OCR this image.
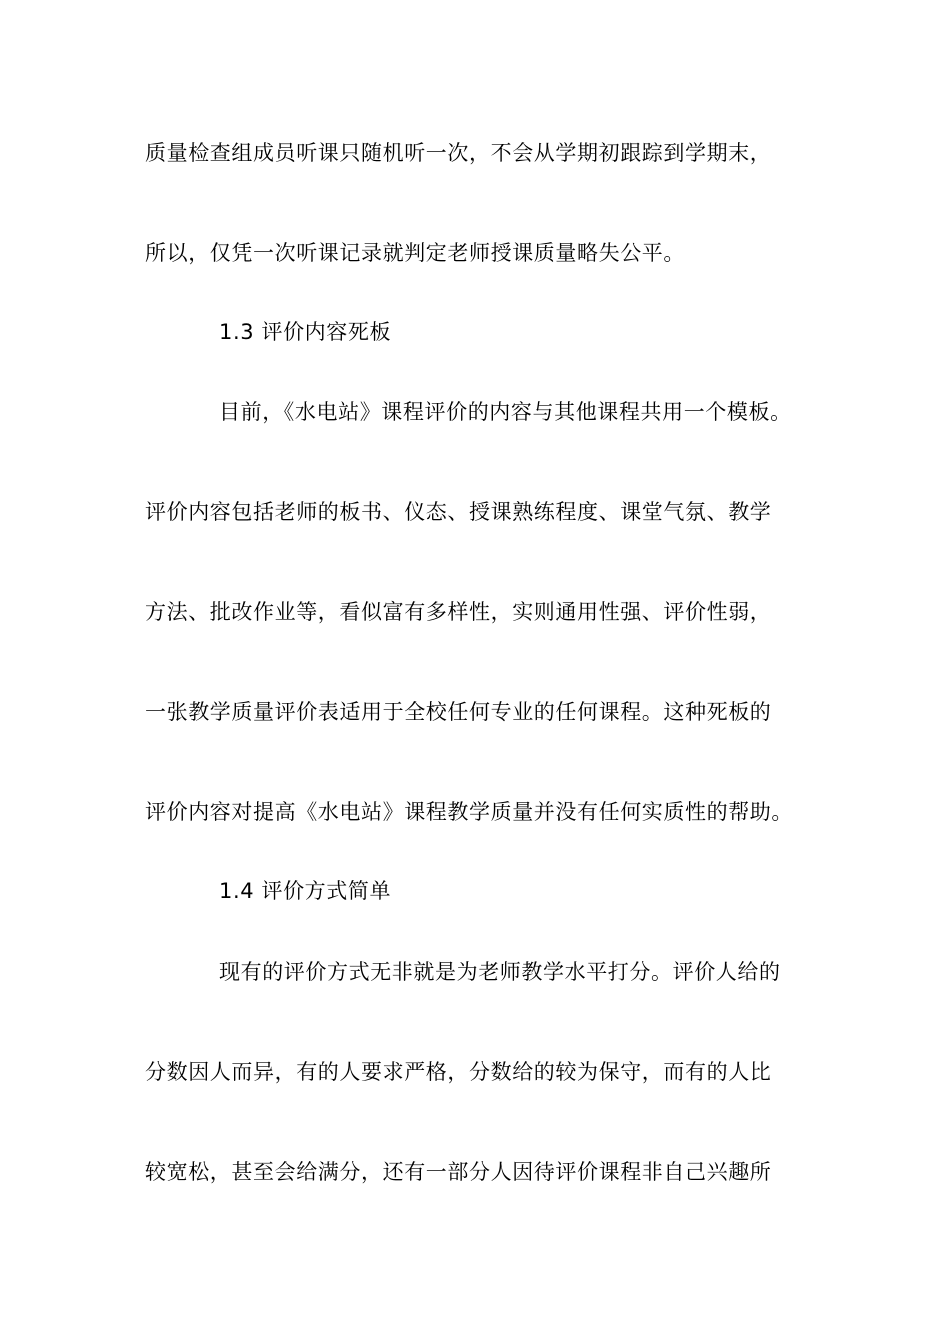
质量检查组成员听课只随机听一次，不会从学期初跟踪到学期末，
所以，仅凭一次听课记录就判定老师授课质量略失公平。
1.3 评价内容死板
目前，《水电站》课程评价的内容与其他课程共用一个模板。
评价内容包括老师的板书、仪态、授课熟练程度、课堂气氛、教学
方法、批改作业等，看似富有多样性，实则通用性强、评价性弱，
一张教学质量评价表适用于全校任何专业的任何课程。这种死板的
评价内容对提高《水电站》课程教学质量并没有任何实质性的帮助。
1.4 评价方式简单
现有的评价方式无非就是为老师教学水平打分。评价人给的
分数因人而异，有的人要求严格，分数给的较为保守，而有的人比
较宽松，甚至会给满分，还有一部分人因待评价课程非自己兴趣所
